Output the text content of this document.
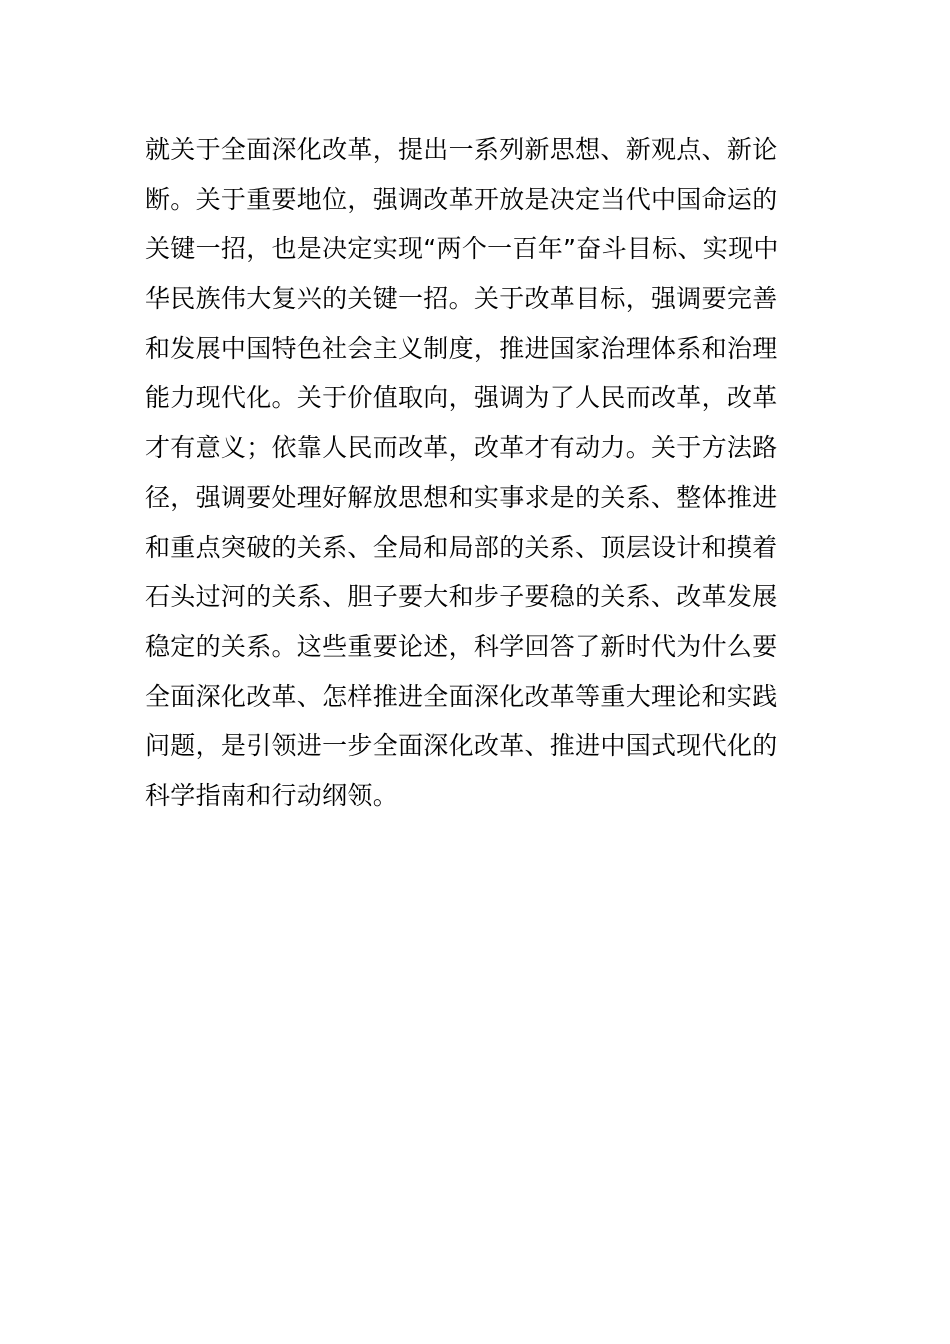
就关于全面深化改革，提出一系列新思想、新观点、新论
断。关于重要地位，强调改革开放是决定当代中国命运的
关键一招，也是决定实现“两个一百年”奋斗目标、实现中
华民族伟大复兴的关键一招。关于改革目标，强调要完善
和发展中国特色社会主义制度，推进国家治理体系和治理
能力现代化。关于价值取向，强调为了人民而改革，改革
才有意义；依靠人民而改革，改革才有动力。关于方法路
径，强调要处理好解放思想和实事求是的关系、整体推进
和重点突破的关系、全局和局部的关系、顶层设计和摸着
石头过河的关系、胆子要大和步子要稳的关系、改革发展
稳定的关系。这些重要论述，科学回答了新时代为什么要
全面深化改革、怎样推进全面深化改革等重大理论和实践
问题，是引领进一步全面深化改革、推进中国式现代化的
科学指南和行动纲领。
